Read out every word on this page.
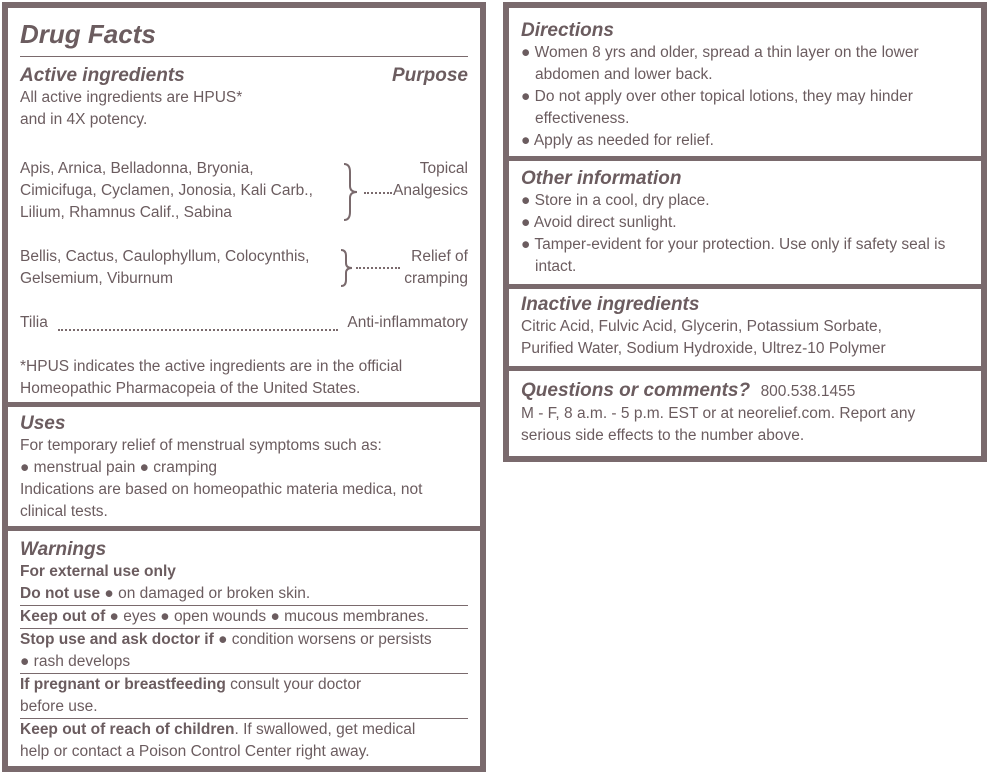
Drug Facts
Active ingredients	Purpose
All active ingredients are HPUS*
and in 4X potency.
Apis, Arnica, Belladonna, Bryonia,
Cimicifuga, Cyclamen, Jonosia, Kali Carb.,
Lilium, Rhamnus Calif., Sabina
Topical
Analgesics
Bellis, Cactus, Caulophyllum, Colocynthis,
Gelsemium, Viburnum
Relief of
cramping
Tilia	Anti-inflammatory
*HPUS indicates the active ingredients are in the official
Homeopathic Pharmacopeia of the United States.
Uses
For temporary relief of menstrual symptoms such as:
● menstrual pain ● cramping
Indications are based on homeopathic materia medica, not
clinical tests.
Warnings
For external use only
Do not use ● on damaged or broken skin.
Keep out of ● eyes ● open wounds ● mucous membranes.
Stop use and ask doctor if ● condition worsens or persists
● rash develops
If pregnant or breastfeeding consult your doctor
before use.
Keep out of reach of children. If swallowed, get medical
help or contact a Poison Control Center right away.
Directions
● Women 8 yrs and older, spread a thin layer on the lower abdomen and lower back.
● Do not apply over other topical lotions, they may hinder effectiveness.
● Apply as needed for relief.
Other information
● Store in a cool, dry place.
● Avoid direct sunlight.
● Tamper-evident for your protection. Use only if safety seal is intact.
Inactive ingredients
Citric Acid, Fulvic Acid, Glycerin, Potassium Sorbate,
Purified Water, Sodium Hydroxide, Ultrez-10 Polymer
Questions or comments? 800.538.1455
M - F, 8 a.m. - 5 p.m. EST or at neorelief.com. Report any
serious side effects to the number above.
